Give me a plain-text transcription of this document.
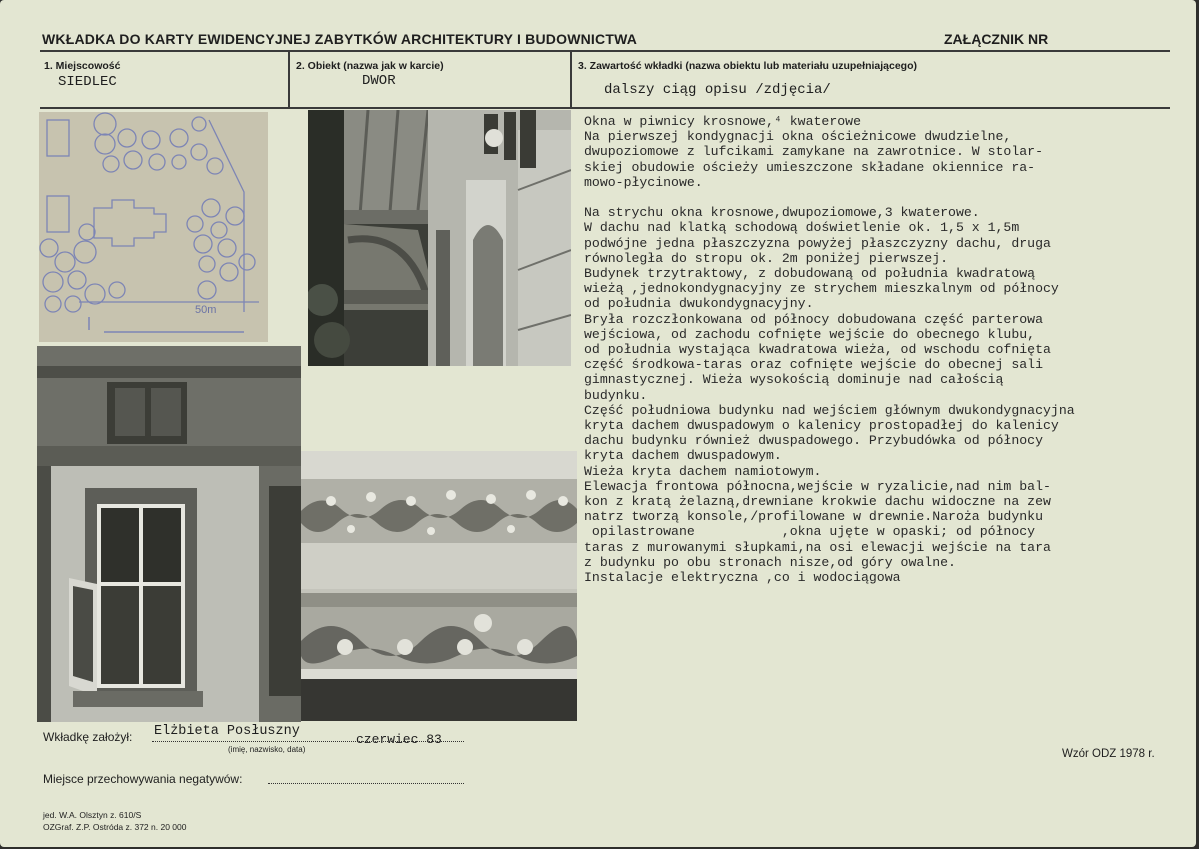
WKŁADKA DO KARTY EWIDENCYJNEJ ZABYTKÓW ARCHITEKTURY I BUDOWNICTWA	ZAŁĄCZNIK NR
1. Miejscowość
SIEDLEC
2. Obiekt (nazwa jak w karcie)
DWOR
3. Zawartość wkładki (nazwa obiektu lub materiału uzupełniającego)
dalszy ciąg opisu /zdjęcia/
50m
Okna w piwnicy krosnowe,⁴ kwaterowe
Na pierwszej kondygnacji okna ościeżnicowe dwudzielne,
dwupoziomowe z lufcikami zamykane na zawrotnice. W stolar-
skiej obudowie ościeży umieszczone składane okiennice ra-
mowo-płycinowe.

Na strychu okna krosnowe,dwupoziomowe,3 kwaterowe.
W dachu nad klatką schodową doświetlenie ok. 1,5 x 1,5m
podwójne jedna płaszczyzna powyżej płaszczyzny dachu, druga
równoległa do stropu ok. 2m poniżej pierwszej.
Budynek trzytraktowy, z dobudowaną od południa kwadratową
wieżą ,jednokondygnacyjny ze strychem mieszkalnym od północy
od południa dwukondygnacyjny.
Bryła rozczłonkowana od północy dobudowana część parterowa
wejściowa, od zachodu cofnięte wejście do obecnego klubu,
od południa wystająca kwadratowa wieża, od wschodu cofnięta
część środkowa-taras oraz cofnięte wejście do obecnej sali
gimnastycznej. Wieża wysokością dominuje nad całością
budynku.
Część południowa budynku nad wejściem głównym dwukondygnacyjna
kryta dachem dwuspadowym o kalenicy prostopadłej do kalenicy
dachu budynku również dwuspadowego. Przybudówka od północy
kryta dachem dwuspadowym.
Wieża kryta dachem namiotowym.
Elewacja frontowa północna,wejście w ryzalicie,nad nim bal-
kon z kratą żelazną,drewniane krokwie dachu widoczne na zew
natrz tworzą konsole,/profilowane w drewnie.Naroża budynku
opilastrowane           ,okna ujęte w opaski; od północy
taras z murowanymi słupkami,na osi elewacji wejście na tara
z budynku po obu stronach nisze,od góry owalne.
Instalacje elektryczna ,co i wodociągowa
Wkładkę założył: Elżbieta Posłuszny
czerwiec 83
(imię, nazwisko, data)
Miejsce przechowywania negatywów:
Wzór ODZ 1978 r.
jed. W.A. Olsztyn z. 610/S
OZGraf. Z.P. Ostróda z. 372 n. 20 000
